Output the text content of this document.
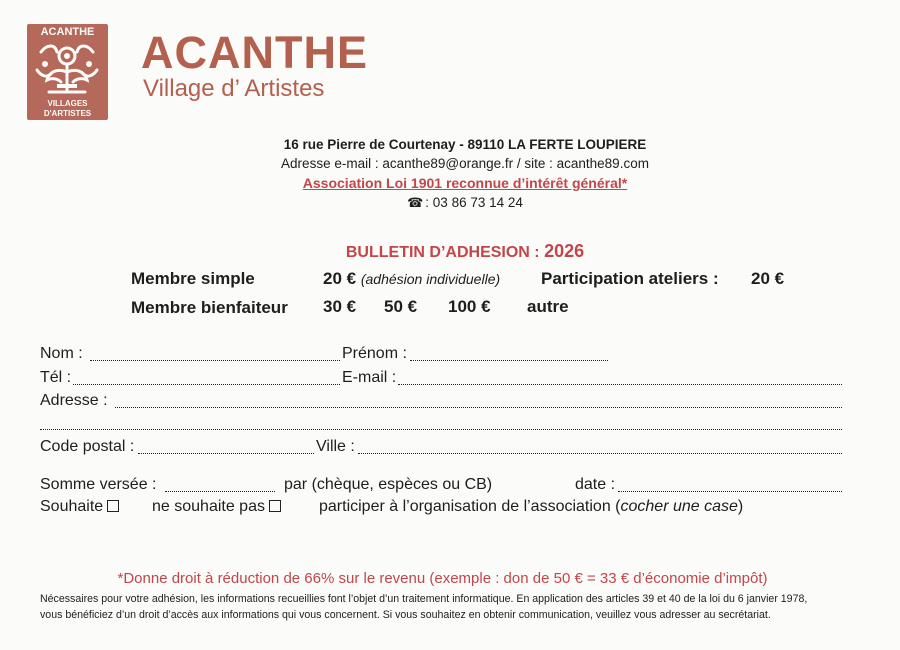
ACANTHE
VILLAGES
D'ARTISTES
ACANTHE
Village d’ Artistes
16 rue Pierre de Courtenay - 89110 LA FERTE LOUPIERE
Adresse e-mail : acanthe89@orange.fr / site : acanthe89.com
Association Loi 1901 reconnue d’intérêt général*
☎ : 03 86 73 14 24
BULLETIN D’ADHESION : 2026
Membre simple	20 € (adhésion individuelle) Participation ateliers : 20 €
Membre bienfaiteur 30 € 50 € 100 € autre
Nom :	Prénom :
Tél :	E-mail :
Adresse :
Code postal :	Ville :
Somme versée :	par (chèque, espèces ou CB)	date :
Souhaite	ne souhaite pas	participer à l’organisation de l’association (cocher une case)
*Donne droit à réduction de 66% sur le revenu (exemple : don de 50 € = 33 € d’économie d’impôt)
Nécessaires pour votre adhésion, les informations recueillies font l’objet d’un traitement informatique. En application des articles 39 et 40 de la loi du 6 janvier 1978,
vous bénéficiez d’un droit d’accès aux informations qui vous concernent. Si vous souhaitez en obtenir communication, veuillez vous adresser au secrétariat.
